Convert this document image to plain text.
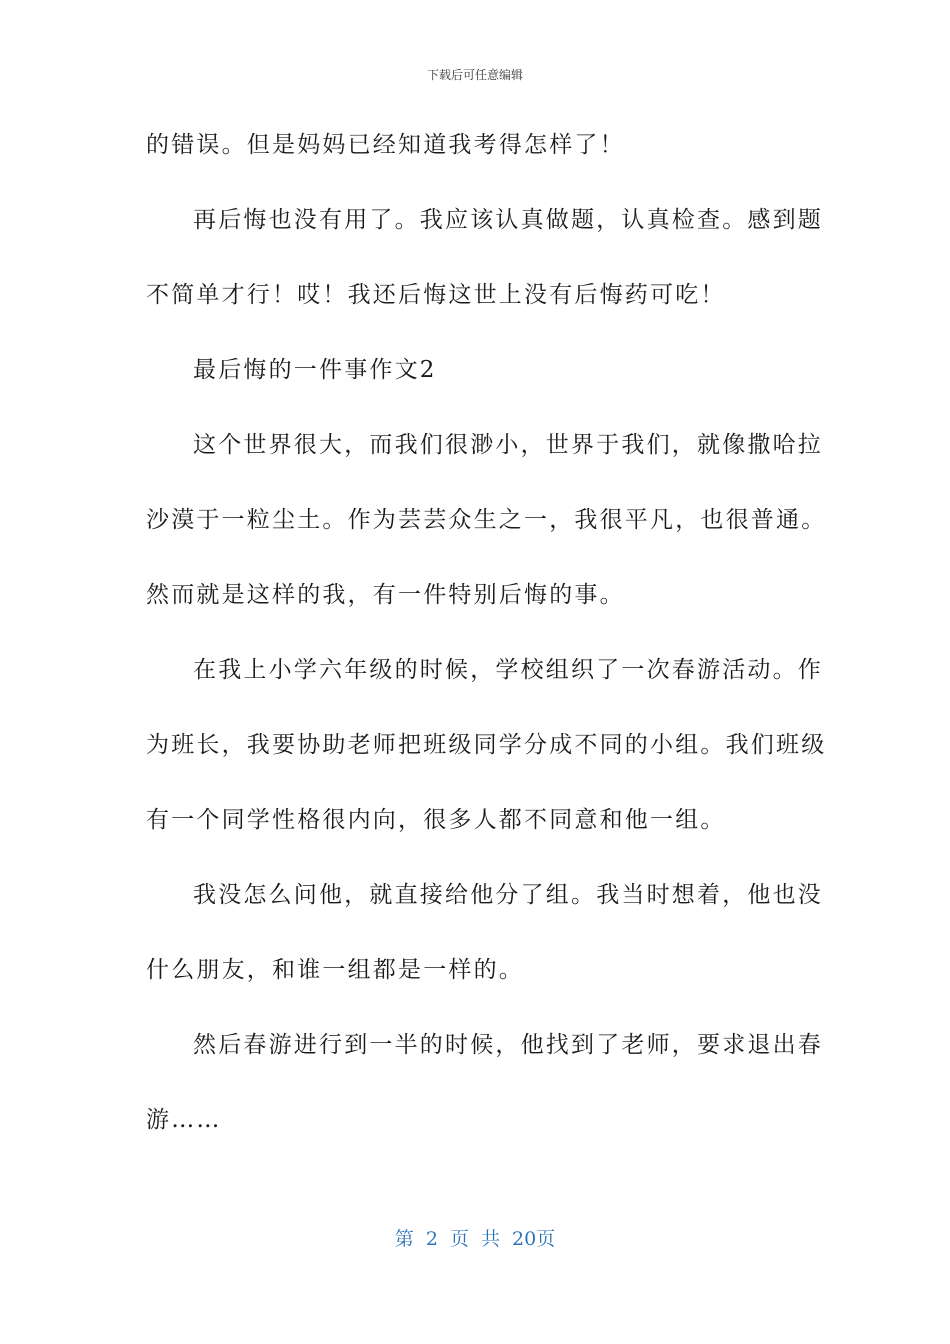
下载后可任意编辑
的错误。但是妈妈已经知道我考得怎样了！
再后悔也没有用了。我应该认真做题，认真检查。感到题
不简单才行！哎！我还后悔这世上没有后悔药可吃！
最后悔的一件事作文2
这个世界很大，而我们很渺小，世界于我们，就像撒哈拉
沙漠于一粒尘土。作为芸芸众生之一，我很平凡，也很普通。
然而就是这样的我，有一件特别后悔的事。
在我上小学六年级的时候，学校组织了一次春游活动。作
为班长，我要协助老师把班级同学分成不同的小组。我们班级
有一个同学性格很内向，很多人都不同意和他一组。
我没怎么问他，就直接给他分了组。我当时想着，他也没
什么朋友，和谁一组都是一样的。
然后春游进行到一半的时候，他找到了老师，要求退出春
游……
第 2 页 共 20页
